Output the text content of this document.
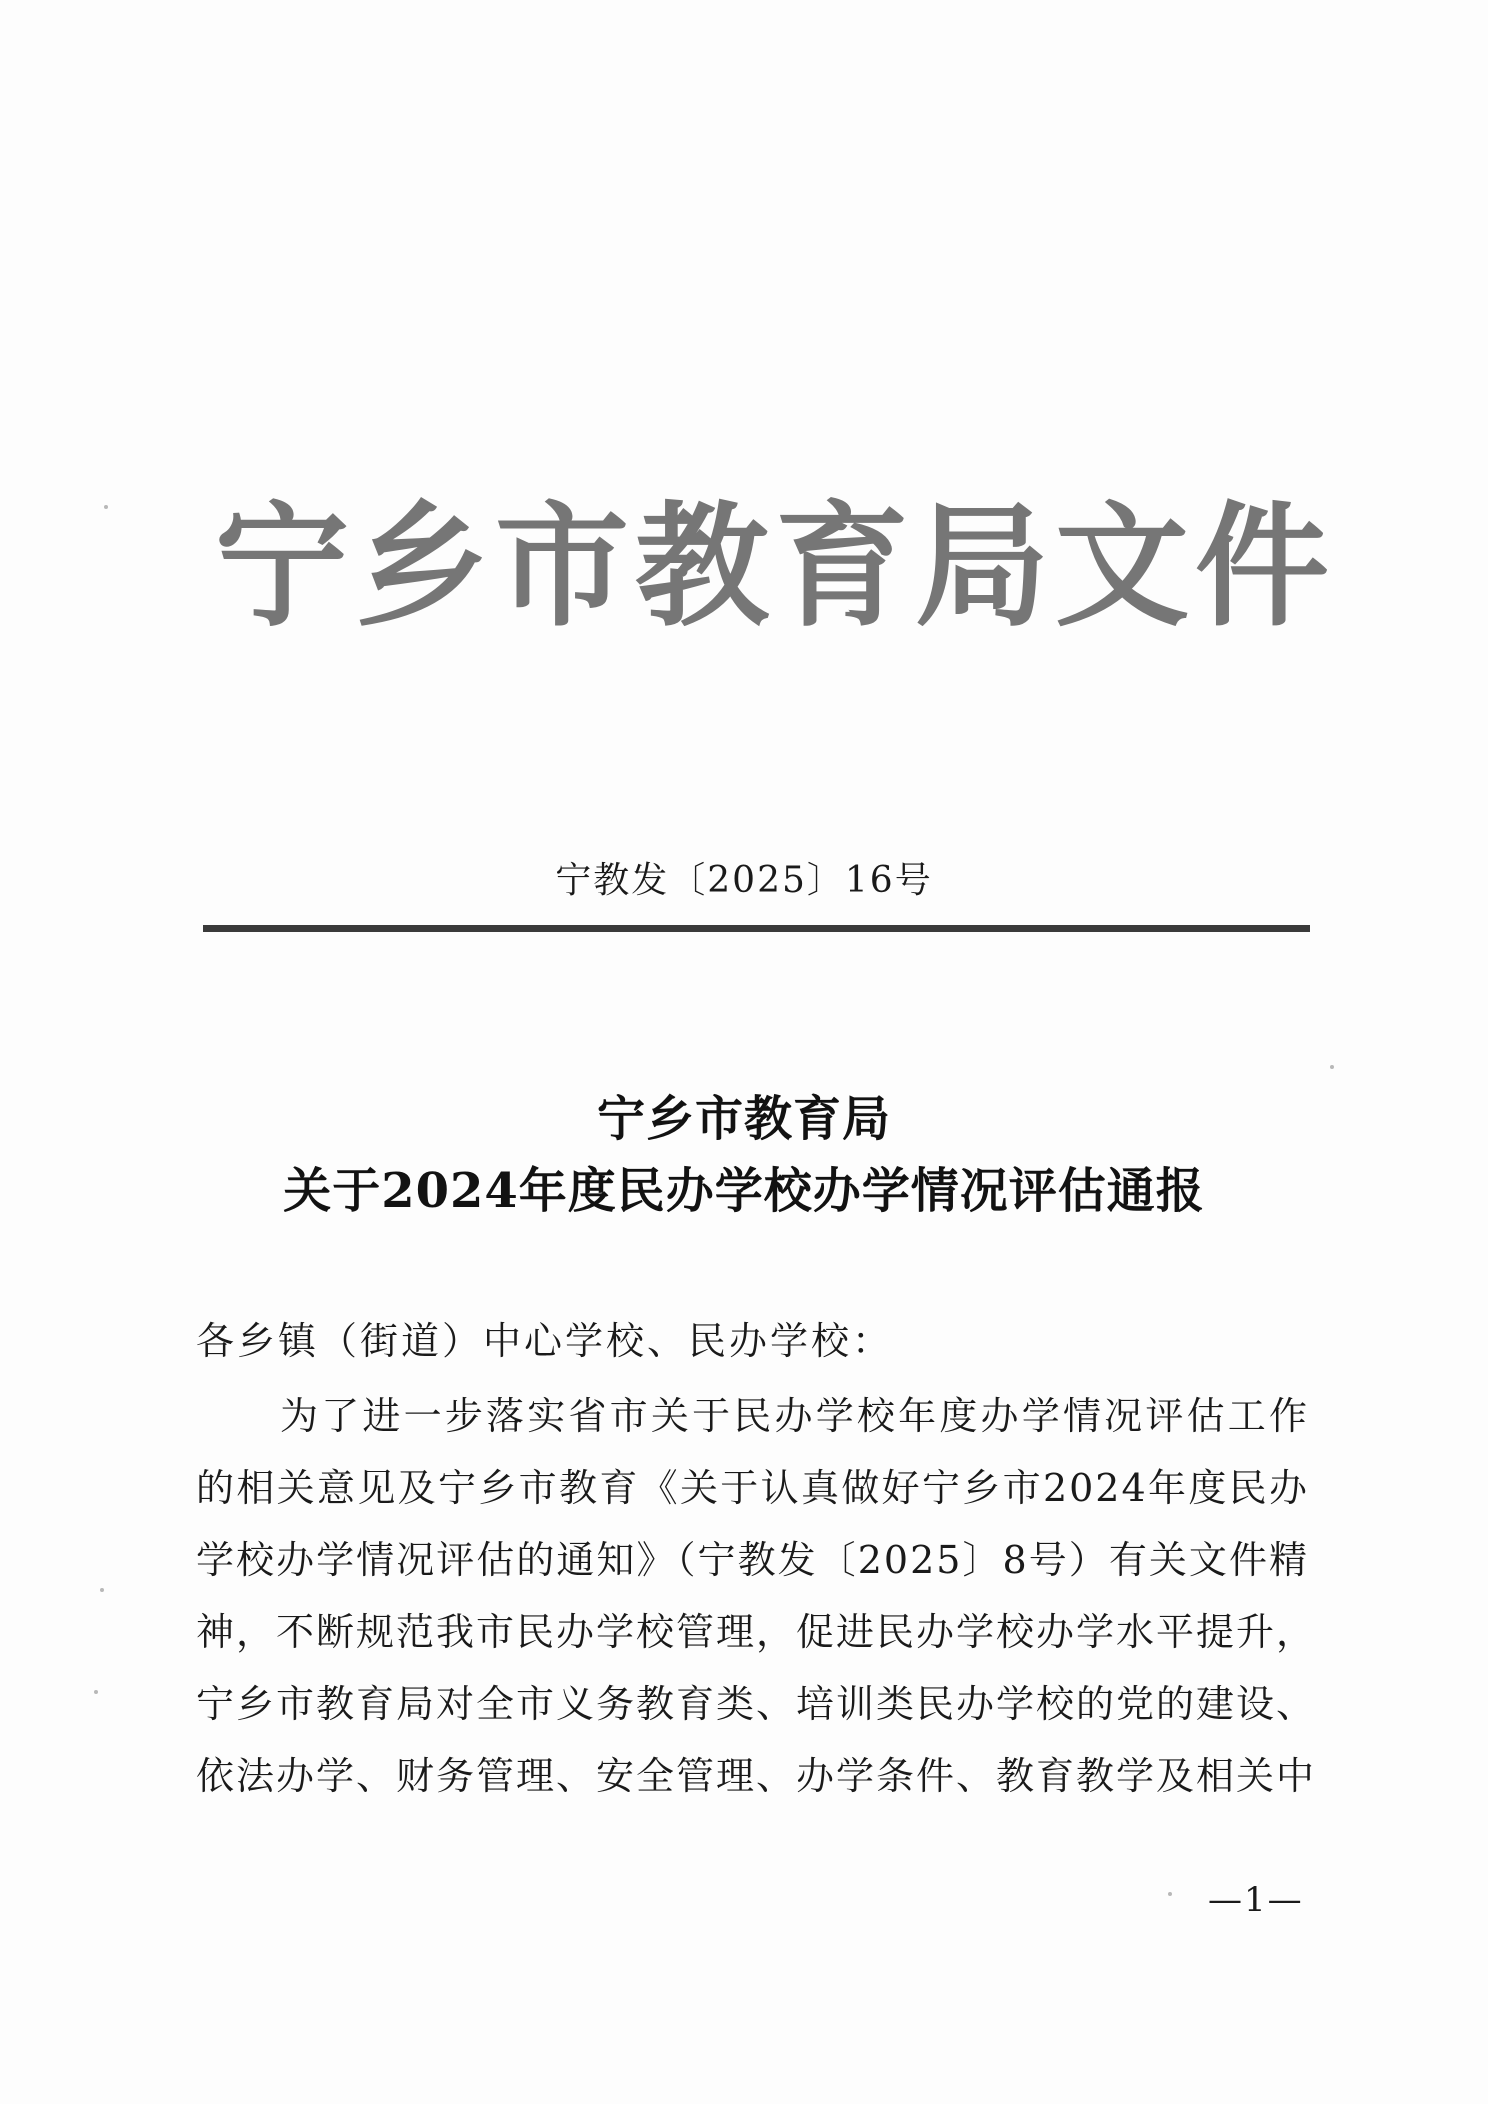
宁乡市教育局文件
宁教发〔2025〕16号
宁乡市教育局
关于2024年度民办学校办学情况评估通报
各乡镇（街道）中心学校、民办学校：
为了进一步落实省市关于民办学校年度办学情况评估工作
的相关意见及宁乡市教育《关于认真做好宁乡市2024年度民办
学校办学情况评估的通知》（宁教发〔2025〕8号）有关文件精
神，不断规范我市民办学校管理，促进民办学校办学水平提升，
宁乡市教育局对全市义务教育类、培训类民办学校的党的建设、
依法办学、财务管理、安全管理、办学条件、教育教学及相关中
—1—
